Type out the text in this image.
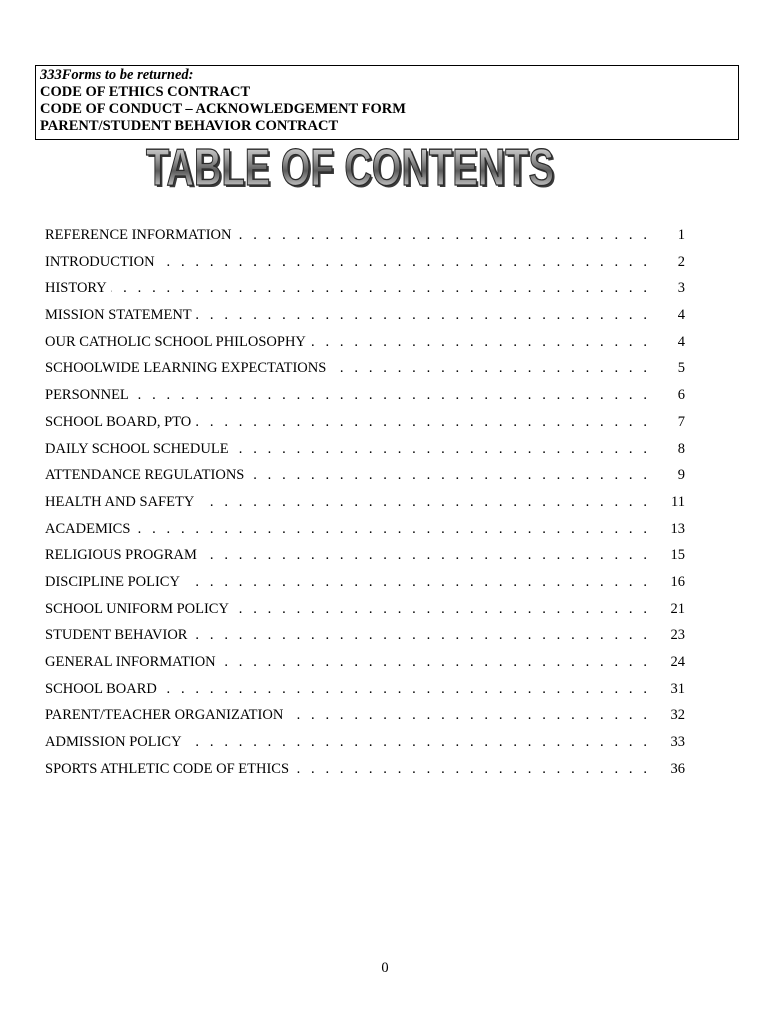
333Forms to be returned:
CODE OF ETHICS CONTRACT
CODE OF CONDUCT – ACKNOWLEDGEMENT FORM
PARENT/STUDENT BEHAVIOR CONTRACT
TABLE OF CONTENTS
TABLE OF CONTENTS
. . .
REFERENCE INFORMATION	1
. . .
INTRODUCTION	2
. . .
HISTORY	3
. . .
MISSION STATEMENT	4
. . .
OUR CATHOLIC SCHOOL PHILOSOPHY	4
. . .
SCHOOLWIDE LEARNING EXPECTATIONS	5
. . .
PERSONNEL	6
. . .
SCHOOL BOARD, PTO	7
. . .
DAILY SCHOOL SCHEDULE	8
. . .
ATTENDANCE REGULATIONS	9
. . .
HEALTH AND SAFETY	11
. . .
ACADEMICS	13
. . .
RELIGIOUS PROGRAM	15
. . .
DISCIPLINE POLICY	16
. . .
SCHOOL UNIFORM POLICY	21
. . .
STUDENT BEHAVIOR	23
. . .
GENERAL INFORMATION	24
. . .
SCHOOL BOARD	31
. . .
PARENT/TEACHER ORGANIZATION	32
. . .
ADMISSION POLICY	33
. . .
SPORTS ATHLETIC CODE OF ETHICS	36
0
